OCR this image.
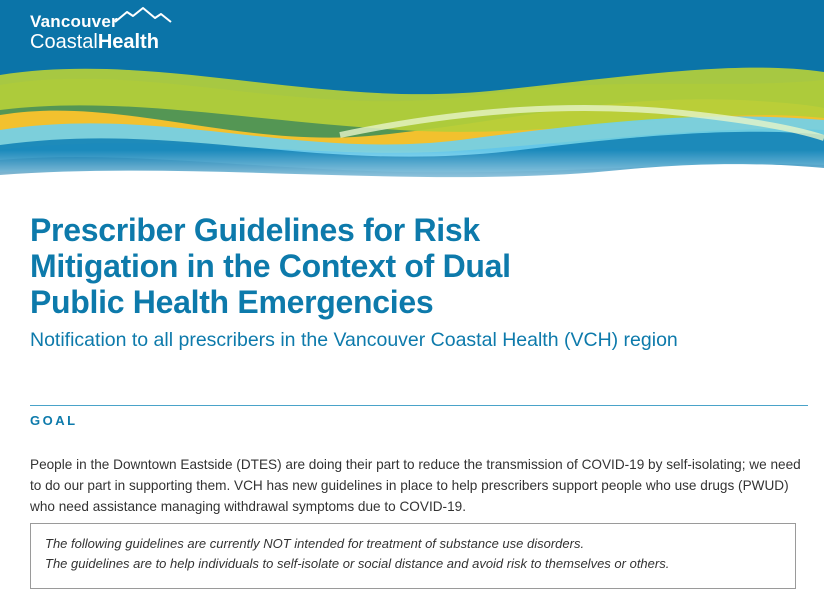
Vancouver
CoastalHealth
Prescriber Guidelines for Risk
Mitigation in the Context of Dual
Public Health Emergencies

Notification to all prescribers in the Vancouver Coastal Health (VCH) region

GOAL

People in the Downtown Eastside (DTES) are doing their part to reduce the transmission of COVID-19 by self-isolating; we need to do our part in supporting them. VCH has new guidelines in place to help prescribers support people who use drugs (PWUD) who need assistance managing withdrawal symptoms due to COVID-19.

The following guidelines are currently NOT intended for treatment of substance use disorders.
The guidelines are to help individuals to self-isolate or social distance and avoid risk to themselves or others.
